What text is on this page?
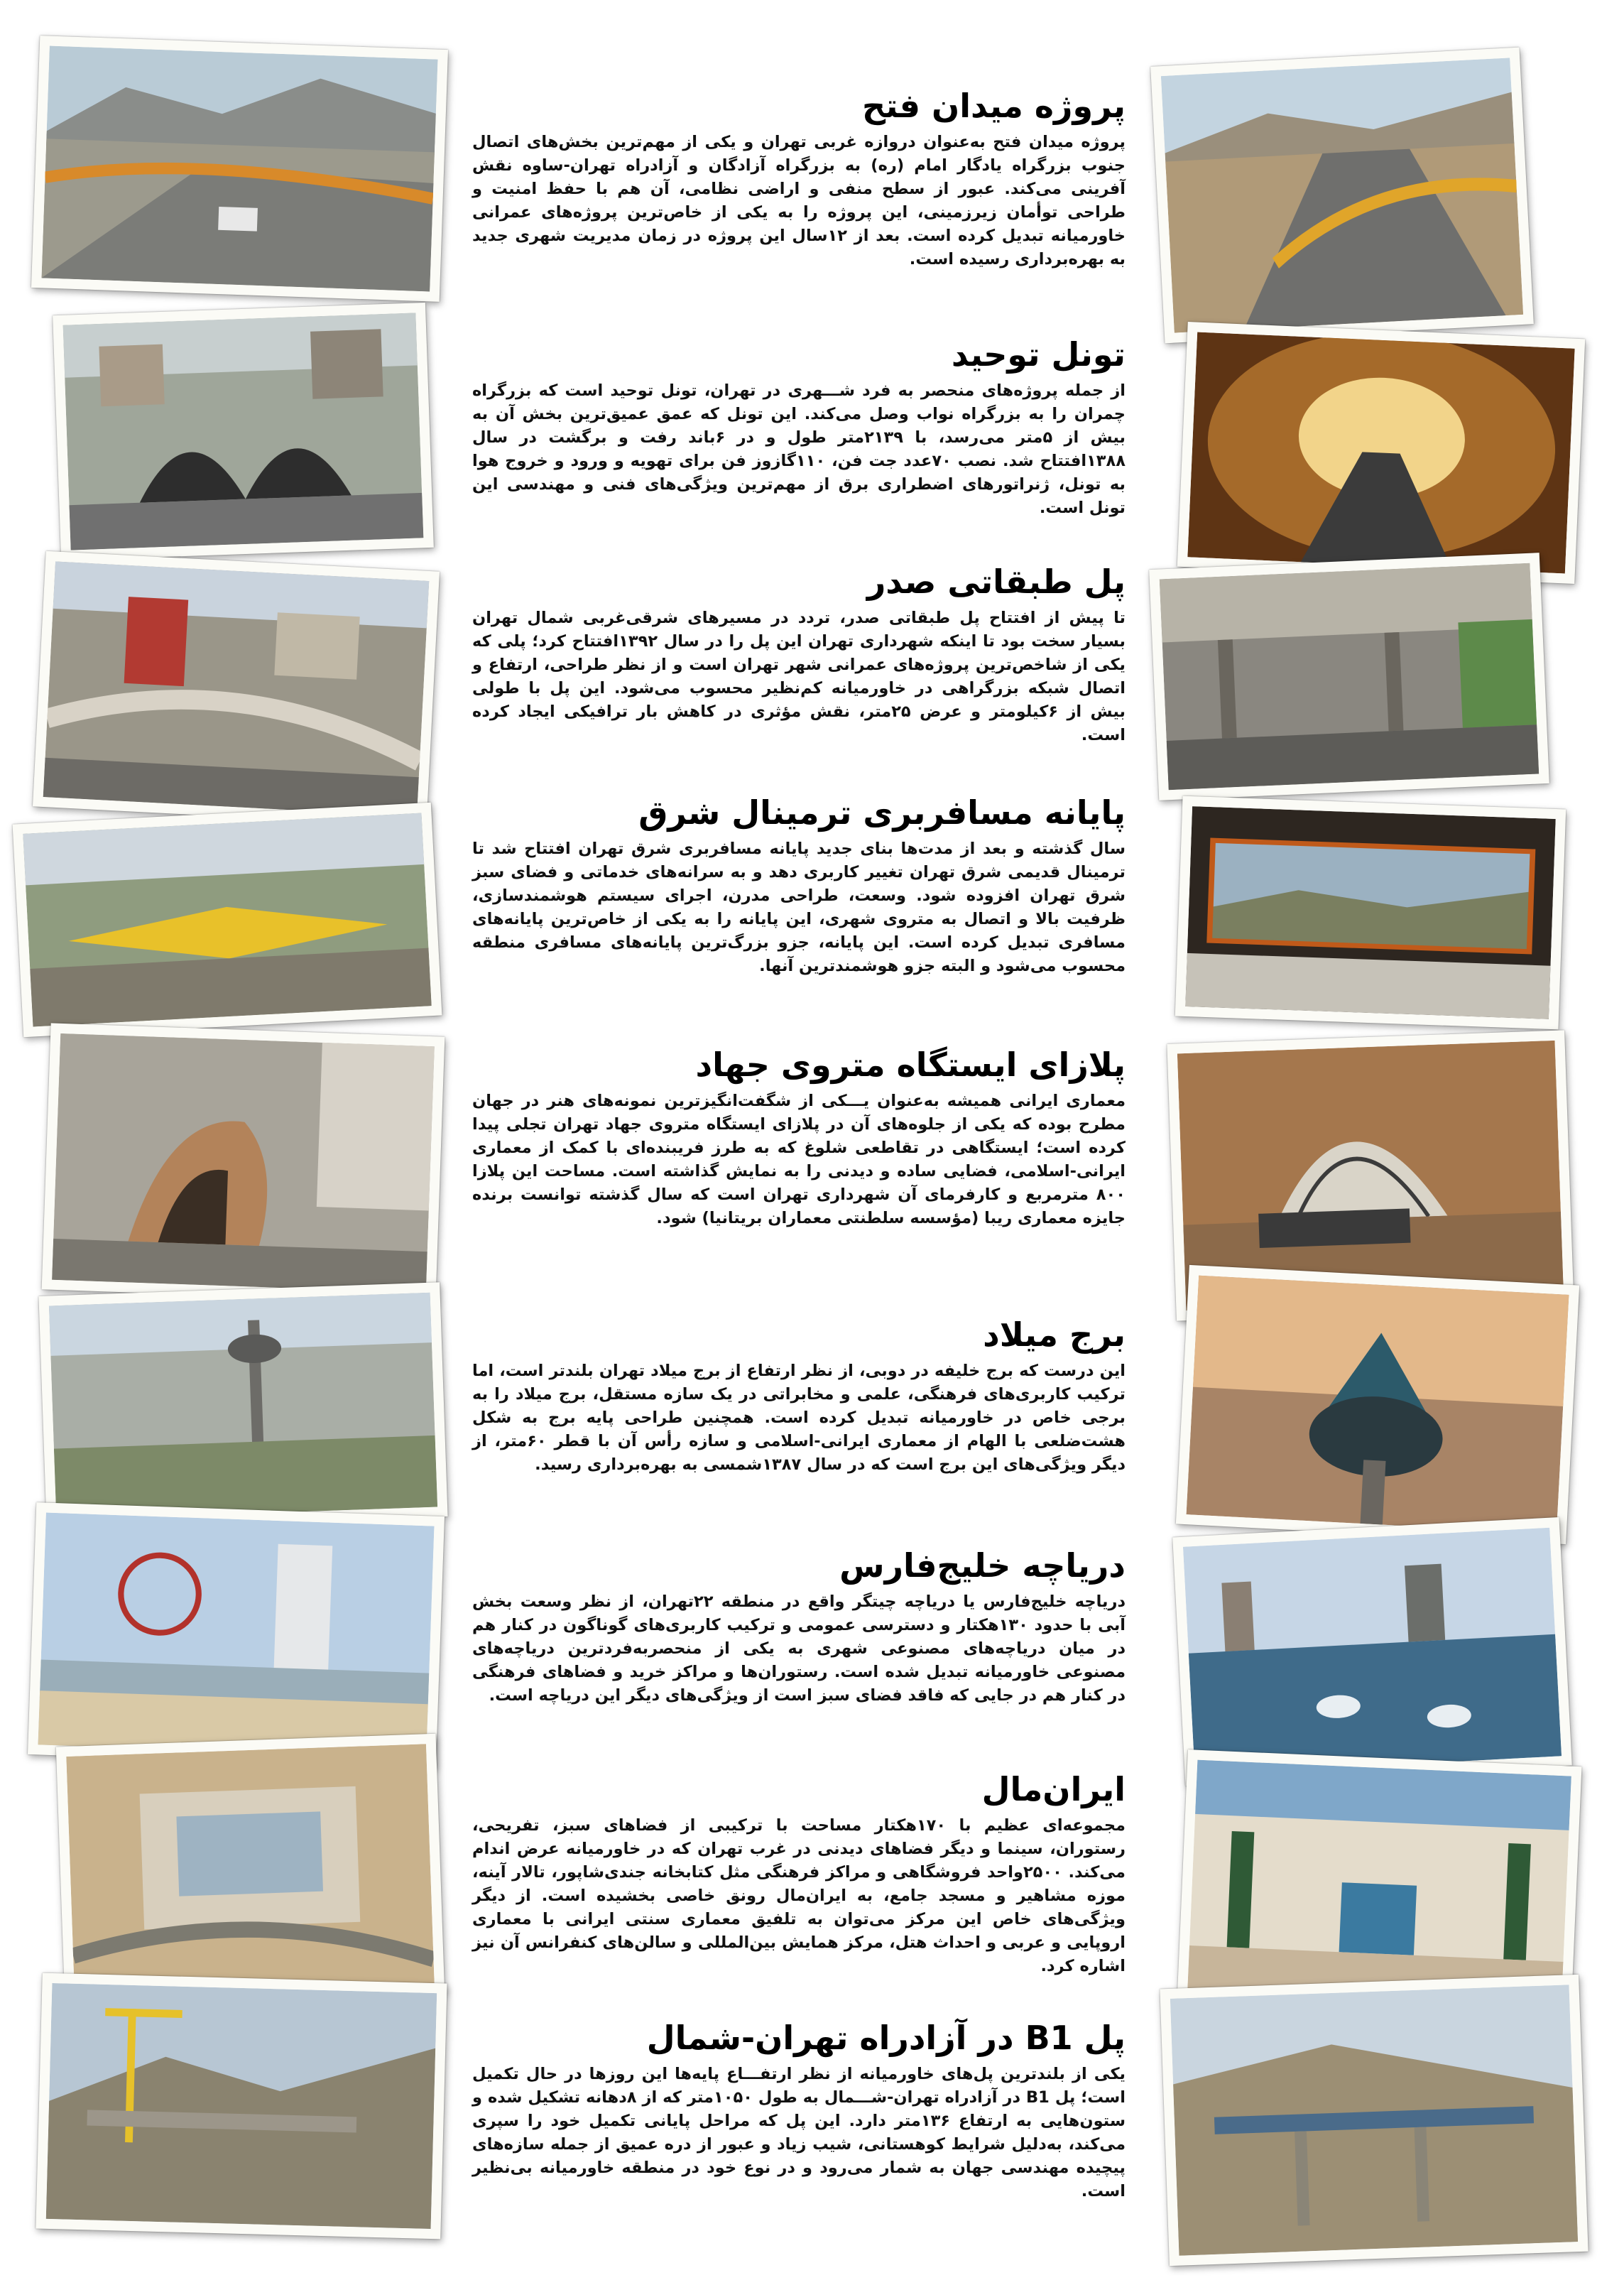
پروژه میدان فتح

پروژه میدان فتح به‌عنوان دروازه غربی تهران و یکی از مهم‌ترین بخش‌های اتصال جنوب بزرگراه یادگار امام (ره) به بزرگراه آزادگان و آزادراه تهران-ساوه نقش آفرینی می‌کند. عبور از سطح منفی و اراضی نظامی، آن هم با حفظ امنیت و طراحی توأمان زیرزمینی، این پروژه را به یکی از خاص‌ترین پروژه‌های عمرانی خاورمیانه تبدیل کرده است. بعد از ۱۲سال این پروژه در زمان مدیریت شهری جدید به بهره‌برداری رسیده است.

تونل توحید

از جمله پروژه‌های منحصر به فرد شـــهری در تهران، تونل توحید است که بزرگراه چمران را به بزرگراه نواب وصل می‌کند. این تونل که عمق عمیق‌ترین بخش آن به بیش از ۵متر می‌رسد، با ۲۱۳۹متر طول و در ۶باند رفت و برگشت در سال ۱۳۸۸افتتاح شد. نصب ۷۰عدد جت فن، ۱۱۰گازوز فن برای تهویه و ورود و خروج هوا به تونل، ژنراتورهای اضطراری برق از مهم‌ترین ویژگی‌های فنی و مهندسی این تونل است.

پل طبقاتی صدر

تا پیش از افتتاح پل طبقاتی صدر، تردد در مسیرهای شرقی‌غربی شمال تهران بسیار سخت بود تا اینکه شهرداری تهران این پل را در سال ۱۳۹۲افتتاح کرد؛ پلی که یکی از شاخص‌ترین پروژه‌های عمرانی شهر تهران است و از نظر طراحی، ارتفاع و اتصال شبکه بزرگراهی در خاورمیانه کم‌نظیر محسوب می‌شود. این پل با طولی بیش از ۶کیلومتر و عرض ۲۵متر، نقش مؤثری در کاهش بار ترافیکی ایجاد کرده است.

پایانه مسافربری ترمینال شرق

سال گذشته و بعد از مدت‌ها بنای جدید پایانه مسافربری شرق تهران افتتاح شد تا ترمینال قدیمی شرق تهران تغییر کاربری دهد و به سرانه‌های خدماتی و فضای سبز شرق تهران افزوده شود. وسعت، طراحی مدرن، اجرای سیستم هوشمندسازی، ظرفیت بالا و اتصال به متروی شهری، این پایانه را به یکی از خاص‌ترین پایانه‌های مسافری تبدیل کرده است. این پایانه، جزو بزرگ‌ترین پایانه‌های مسافری منطقه محسوب می‌شود و البته جزو هوشمندترین آنها.

پلازای ایستگاه متروی جهاد

معماری ایرانی همیشه به‌عنوان یـــکی از شگفت‌انگیزترین نمونه‌های هنر در جهان مطرح بوده که یکی از جلوه‌های آن در پلازای ایستگاه متروی جهاد تهران تجلی پیدا کرده است؛ ایستگاهی در تقاطعی شلوغ که به طرز فریبنده‌ای با کمک از معماری ایرانی-اسلامی، فضایی ساده و دیدنی را به نمایش گذاشته است. مساحت این پلازا ۸۰۰ مترمربع و کارفرمای آن شهرداری تهران است که سال گذشته توانست برنده جایزه معماری ریبا (مؤسسه سلطنتی معماران بریتانیا) شود.

برج میلاد

این درست که برج خلیفه در دوبی، از نظر ارتفاع از برج میلاد تهران بلندتر است، اما ترکیب کاربری‌های فرهنگی، علمی و مخابراتی در یک سازه مستقل، برج میلاد را به برجی خاص در خاورمیانه تبدیل کرده است. همچنین طراحی پایه برج به شکل هشت‌ضلعی با الهام از معماری ایرانی-اسلامی و سازه رأس آن با قطر ۶۰متر، از دیگر ویژگی‌های این برج است که در سال ۱۳۸۷شمسی به بهره‌برداری رسید.

دریاچه خلیج‌فارس

دریاچه خلیج‌فارس یا دریاچه چیتگر واقع در منطقه ۲۲تهران، از نظر وسعت بخش آبی با حدود ۱۳۰هکتار و دسترسی عمومی و ترکیب کاربری‌های گوناگون در کنار هم در میان دریاچه‌های مصنوعی شهری به یکی از منحصربه‌فردترین دریاچه‌های مصنوعی خاورمیانه تبدیل شده است. رستوران‌ها و مراکز خرید و فضاهای فرهنگی در کنار هم در جایی که فاقد فضای سبز است از ویژگی‌های دیگر این دریاچه است.

ایران‌مال

مجموعه‌ای عظیم با ۱۷۰هکتار مساحت با ترکیبی از فضاهای سبز، تفریحی، رستوران، سینما و دیگر فضاهای دیدنی در غرب تهران که در خاورمیانه عرض اندام می‌کند. ۲۵۰۰واحد فروشگاهی و مراکز فرهنگی مثل کتابخانه جندی‌شاپور، تالار آینه، موزه مشاهیر و مسجد جامع، به ایران‌مال رونق خاصی بخشیده است. از دیگر ویژگی‌های خاص این مرکز می‌توان به تلفیق معماری سنتی ایرانی با معماری اروپایی و عربی و احداث هتل، مرکز همایش بین‌المللی و سالن‌های کنفرانس آن نیز اشاره کرد.

پل B1 در آزادراه تهران-شمال

یکی از بلندترین پل‌های خاورمیانه از نظر ارتفـــاع پایه‌ها این روزها در حال تکمیل است؛ پل B1 در آزادراه تهران-شـــمال به طول ۱۰۵۰متر که از ۸دهانه تشکیل شده و ستون‌هایی به ارتفاع ۱۳۶متر دارد. این پل که مراحل پایانی تکمیل خود را سپری می‌کند، به‌دلیل شرایط کوهستانی، شیب زیاد و عبور از دره عمیق از جمله سازه‌های پیچیده مهندسی جهان به شمار می‌رود و در نوع خود در منطقه خاورمیانه بی‌نظیر است.
